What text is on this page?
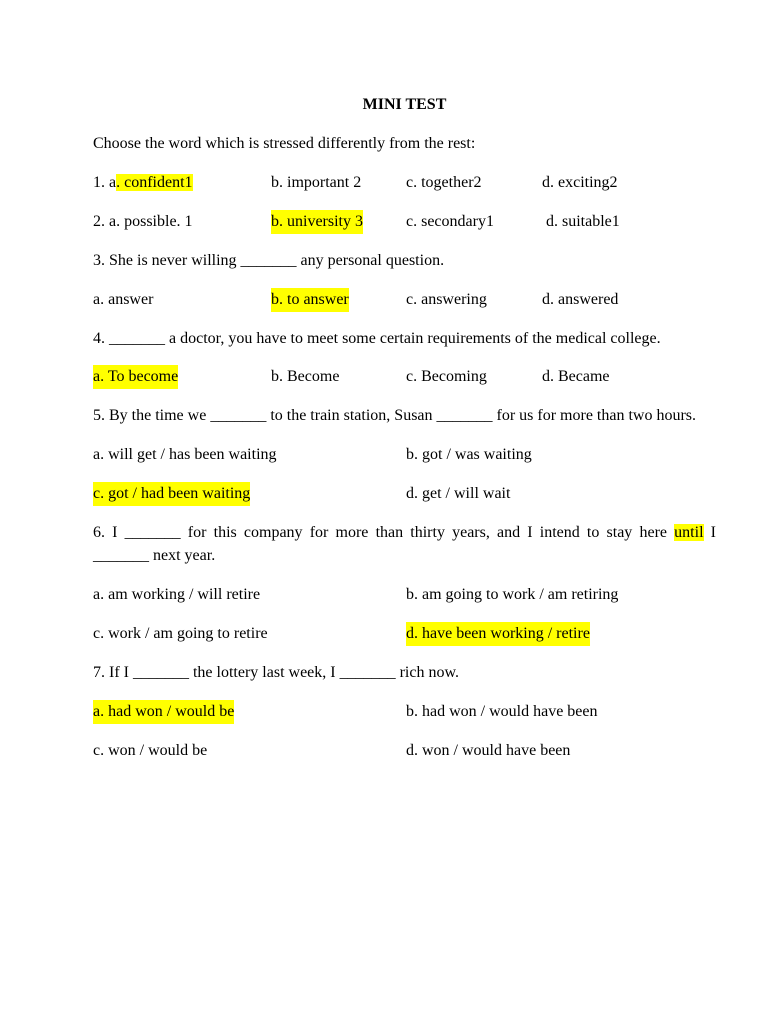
MINI TEST
Choose the word which is stressed differently from the rest:
1. a. confident1	b. important 2	c. together2	d. exciting2
2. a. possible. 1	b. university 3	c. secondary1	d. suitable1
3. She is never willing _______ any personal question.
a. answer	b. to answer	c. answering	d. answered
4. _______ a doctor, you have to meet some certain requirements of the medical college.
a. To become	b. Become	c. Becoming	d. Became
5. By the time we _______ to the train station, Susan _______ for us for more than two hours.
a. will get / has been waiting	b. got / was waiting
c. got / had been waiting	d. get / will wait
6. I _______ for this company for more than thirty years, and I intend to stay here until I _______ next year.
a. am working / will retire	b. am going to work / am retiring
c. work / am going to retire	d. have been working / retire
7. If I _______ the lottery last week, I _______ rich now.
a. had won / would be	b. had won / would have been
c. won / would be	d. won / would have been
